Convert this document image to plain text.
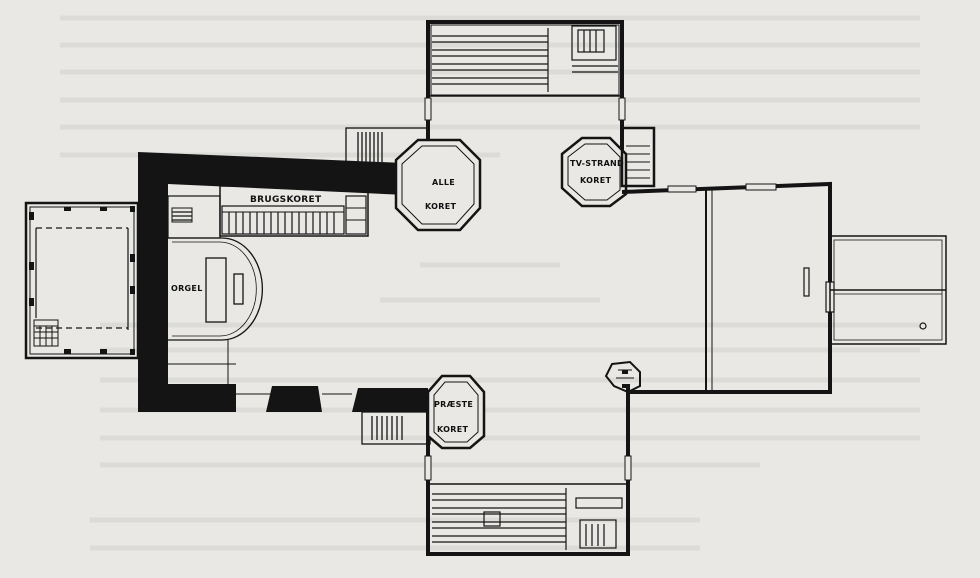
BRUGSKORET
ORGEL
ALLE
KORET
TV-STRAND
KORET
PRÆSTE
KORET
